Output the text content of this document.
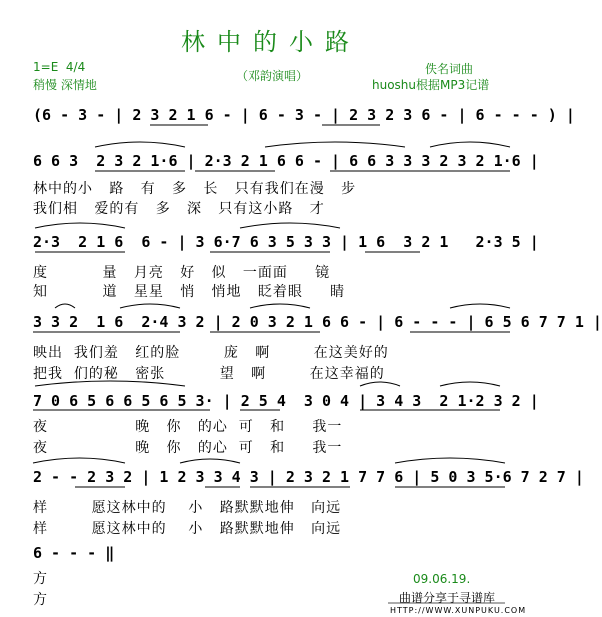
林中的小路
1=E  4/4
稍慢 深情地
（邓韵演唱）	佚名词曲
huoshu根据MP3记谱
(6 - 3 - | 2 3 2 1 6 - | 6 - 3 - | 2 3 2 3 6 - | 6 - - - ) |
6 6 3  2 3 2 1·6 | 2·3 2 1 6 6 - | 6 6 3 3 3 2 3 2 1·6 |
林中的小   路   有   多   长   只有我们在漫   步
我们相   爱的有   多   深   只有这小路   才
2·3  2 1 6  6 - | 3 6·7 6 3 5 3 3 | 1 6  3 2 1   2·3 5 |
度          量   月亮   好   似   一面面     镜
知          道   星星   悄   悄地   眨着眼     睛
3 3 2  1 6  2·4 3 2 | 2 0 3 2 1 6 6 - | 6 - - - | 6 5 6 7 7 1 |
映出  我们羞   红的脸        庞   啊        在这美好的
把我  们的秘   密张          望   啊        在这幸福的
7 0 6 5 6 6 5 6 5 3· | 2 5 4  3 0 4 | 3 4 3  2 1·2 3 2 |
夜                晚   你   的心  可   和     我一
夜                晚   你   的心  可   和     我一
2 - - 2 3 2 | 1 2 3 3 4 3 | 2 3 2 1 7 7 6 | 5 0 3 5·6 7 2 7 |
样        愿这林中的    小   路默默地伸   向远
样        愿这林中的    小   路默默地伸   向远
6 - - - ‖
方
方
09.06.19.
曲谱分享于寻谱库
HTTP://WWW.XUNPUKU.COM
